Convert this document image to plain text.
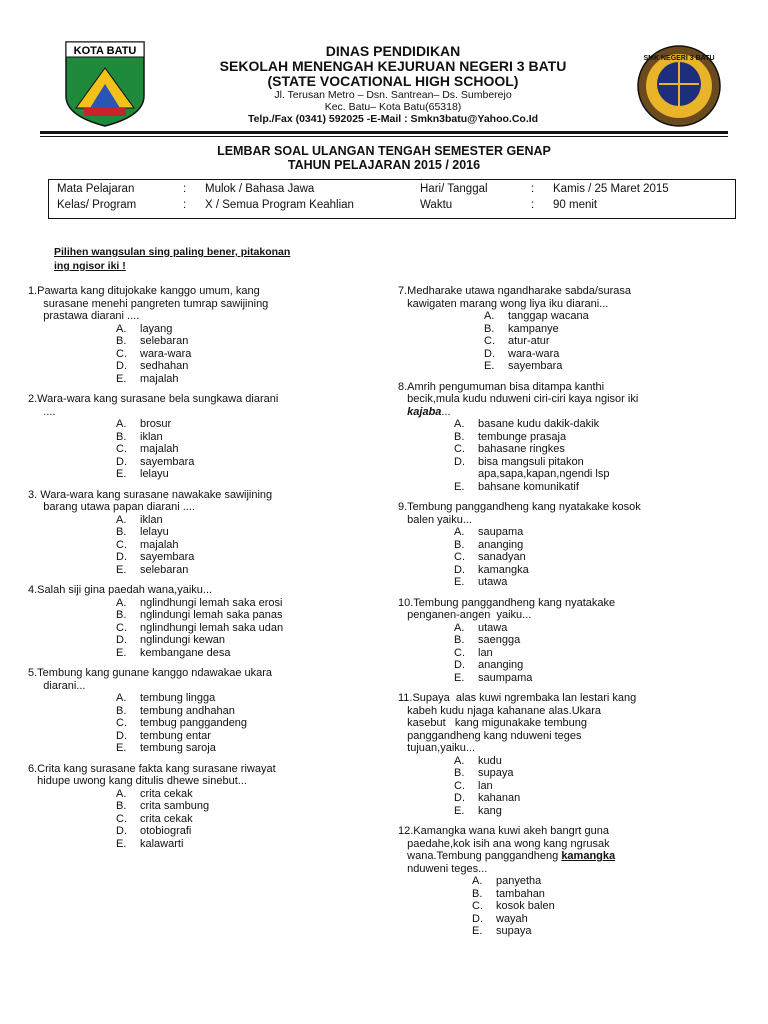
KOTA BATU
SMK NEGERI 3 BATU
DINAS PENDIDIKAN
SEKOLAH MENENGAH KEJURUAN NEGERI 3 BATU
(STATE VOCATIONAL HIGH SCHOOL)
Jl. Terusan Metro – Dsn. Santrean– Ds. Sumberejo
Kec. Batu– Kota Batu(65318)
Telp./Fax (0341) 592025 -E-Mail : Smkn3batu@Yahoo.Co.Id
LEMBAR SOAL ULANGAN TENGAH SEMESTER GENAP
TAHUN PELAJARAN 2015 / 2016
Mata Pelajaran	: Mulok / Bahasa Jawa	Hari/ Tanggal	: Kamis / 25 Maret 2015
Kelas/ Program	: X / Semua Program Keahlian	Waktu	: 90 menit
Pilihen wangsulan sing paling bener, pitakonan
ing ngisor iki !
1.Pawarta kang ditujokake kanggo umum, kang
surasane menehi pangreten tumrap sawijining
prastawa diarani ....
A. layang
B. selebaran
C. wara-wara
D. sedhahan
E. majalah
2.Wara-wara kang surasane bela sungkawa diarani
....
A. brosur
B. iklan
C. majalah
D. sayembara
E. lelayu
3. Wara-wara kang surasane nawakake sawijining
barang utawa papan diarani ....
A. iklan
B. lelayu
C. majalah
D. sayembara
E. selebaran
4.Salah siji gina paedah wana,yaiku...
A. nglindhungi lemah saka erosi
B. nglindungi lemah saka panas
C. nglindhungi lemah saka udan
D. nglindungi kewan
E. kembangane desa
5.Tembung kang gunane kanggo ndawakae ukara
diarani...
A. tembung lingga
B. tembung andhahan
C. tembug panggandeng
D. tembung entar
E. tembung saroja
6.Crita kang surasane fakta kang surasane riwayat
hidupe uwong kang ditulis dhewe sinebut...
A. crita cekak
B. crita sambung
C. crita cekak
D. otobiografi
E. kalawarti
7.Medharake utawa ngandharake sabda/surasa
kawigaten marang wong liya iku diarani...
A. tanggap wacana
B. kampanye
C. atur-atur
D. wara-wara
E. sayembara
8.Amrih pengumuman bisa ditampa kanthi
becik,mula kudu nduweni ciri-ciri kaya ngisor iki
kajaba...
A. basane kudu dakik-dakik
B. tembunge prasaja
C. bahasane ringkes
D. bisa mangsuli pitakon
apa,sapa,kapan,ngendi lsp
E. bahsane komunikatif
9.Tembung panggandheng kang nyatakake kosok
balen yaiku...
A. saupama
B. ananging
C. sanadyan
D. kamangka
E. utawa
10.Tembung panggandheng kang nyatakake
penganen-angen  yaiku...
A. utawa
B. saengga
C. lan
D. ananging
E. saumpama
11.Supaya  alas kuwi ngrembaka lan lestari kang
kabeh kudu njaga kahanane alas.Ukara
kasebut   kang migunakake tembung
panggandheng kang nduweni teges
tujuan,yaiku...
A. kudu
B. supaya
C. lan
D. kahanan
E. kang
12.Kamangka wana kuwi akeh bangrt guna
paedahe,kok isih ana wong kang ngrusak
wana.Tembung panggandheng kamangka
nduweni teges...
A. panyetha
B. tambahan
C. kosok balen
D. wayah
E. supaya
